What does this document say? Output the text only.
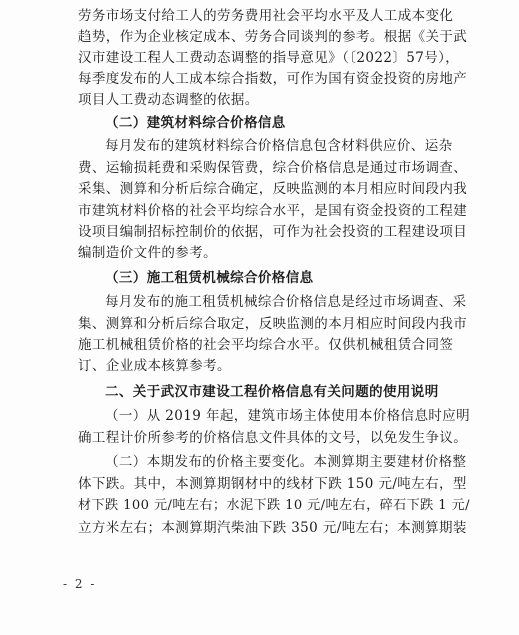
劳务市场支付给工人的劳务费用社会平均水平及人工成本变化
趋势，作为企业核定成本、劳务合同谈判的参考。根据《关于武
汉市建设工程人工费动态调整的指导意见》（〔2022〕57号），
每季度发布的人工成本综合指数，可作为国有资金投资的房地产
项目人工费动态调整的依据。
（二）建筑材料综合价格信息
每月发布的建筑材料综合价格信息包含材料供应价、运杂
费、运输损耗费和采购保管费，综合价格信息是通过市场调查、
采集、测算和分析后综合确定，反映监测的本月相应时间段内我
市建筑材料价格的社会平均综合水平，是国有资金投资的工程建
设项目编制招标控制价的依据，可作为社会投资的工程建设项目
编制造价文件的参考。
（三）施工租赁机械综合价格信息
每月发布的施工租赁机械综合价格信息是经过市场调查、采
集、测算和分析后综合取定，反映监测的本月相应时间段内我市
施工机械租赁价格的社会平均综合水平。仅供机械租赁合同签
订、企业成本核算参考。
二、关于武汉市建设工程价格信息有关问题的使用说明
（一）从 2019 年起，建筑市场主体使用本价格信息时应明
确工程计价所参考的价格信息文件具体的文号，以免发生争议。
（二）本期发布的价格主要变化。本测算期主要建材价格整
体下跌。其中，本测算期钢材中的线材下跌 150 元/吨左右，型
材下跌 100 元/吨左右；水泥下跌 10 元/吨左右，碎石下跌 1 元/
立方米左右；本测算期汽柴油下跌 350 元/吨左右；本测算期装
- 2 -
